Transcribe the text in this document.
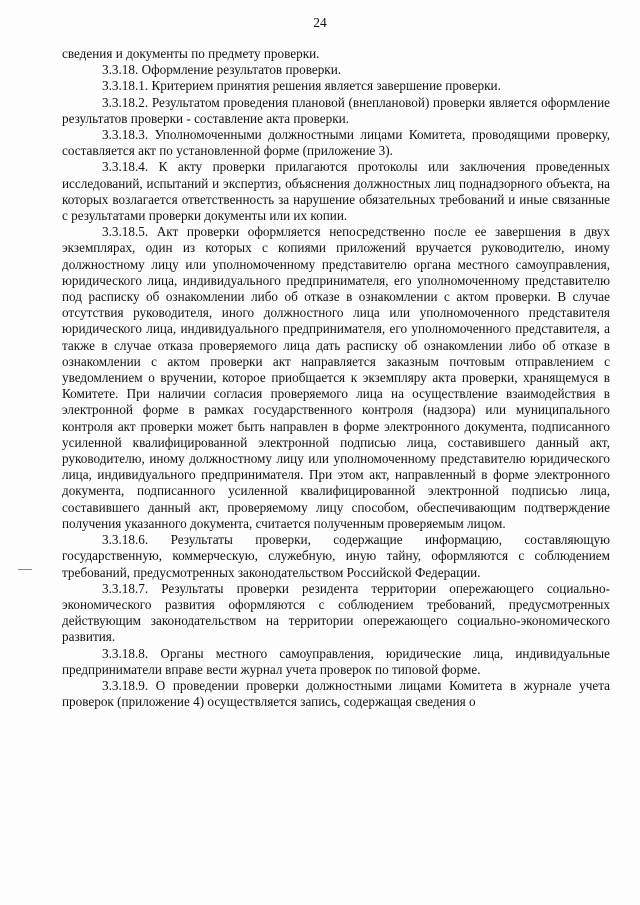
24

сведения и документы по предмету проверки.

3.3.18. Оформление результатов проверки.

3.3.18.1. Критерием принятия решения является завершение проверки.

3.3.18.2. Результатом проведения плановой (внеплановой) проверки является оформление результатов проверки - составление акта проверки.

3.3.18.3. Уполномоченными должностными лицами Комитета, проводящими проверку, составляется акт по установленной форме (приложение 3).

3.3.18.4. К акту проверки прилагаются протоколы или заключения проведенных исследований, испытаний и экспертиз, объяснения должностных лиц поднадзорного объекта, на которых возлагается ответственность за нарушение обязательных требований и иные связанные с результатами проверки документы или их копии.

3.3.18.5. Акт проверки оформляется непосредственно после ее завершения в двух экземплярах, один из которых с копиями приложений вручается руководителю, иному должностному лицу или уполномоченному представителю органа местного самоуправления, юридического лица, индивидуального предпринимателя, его уполномоченному представителю под расписку об ознакомлении либо об отказе в ознакомлении с актом проверки. В случае отсутствия руководителя, иного должностного лица или уполномоченного представителя юридического лица, индивидуального предпринимателя, его уполномоченного представителя, а также в случае отказа проверяемого лица дать расписку об ознакомлении либо об отказе в ознакомлении с актом проверки акт направляется заказным почтовым отправлением с уведомлением о вручении, которое приобщается к экземпляру акта проверки, хранящемуся в Комитете. При наличии согласия проверяемого лица на осуществление взаимодействия в электронной форме в рамках государственного контроля (надзора) или муниципального контроля акт проверки может быть направлен в форме электронного документа, подписанного усиленной квалифицированной электронной подписью лица, составившего данный акт, руководителю, иному должностному лицу или уполномоченному представителю юридического лица, индивидуального предпринимателя. При этом акт, направленный в форме электронного документа, подписанного усиленной квалифицированной электронной подписью лица, составившего данный акт, проверяемому лицу способом, обеспечивающим подтверждение получения указанного документа, считается полученным проверяемым лицом.

3.3.18.6. Результаты проверки, содержащие информацию, составляющую государственную, коммерческую, служебную, иную тайну, оформляются с соблюдением требований, предусмотренных законодательством Российской Федерации.

3.3.18.7. Результаты проверки резидента территории опережающего социально-экономического развития оформляются с соблюдением требований, предусмотренных действующим законодательством на территории опережающего социально-экономического развития.

3.3.18.8. Органы местного самоуправления, юридические лица, индивидуальные предприниматели вправе вести журнал учета проверок по типовой форме.

3.3.18.9. О проведении проверки должностными лицами Комитета в журнале учета проверок (приложение 4) осуществляется запись, содержащая сведения о
